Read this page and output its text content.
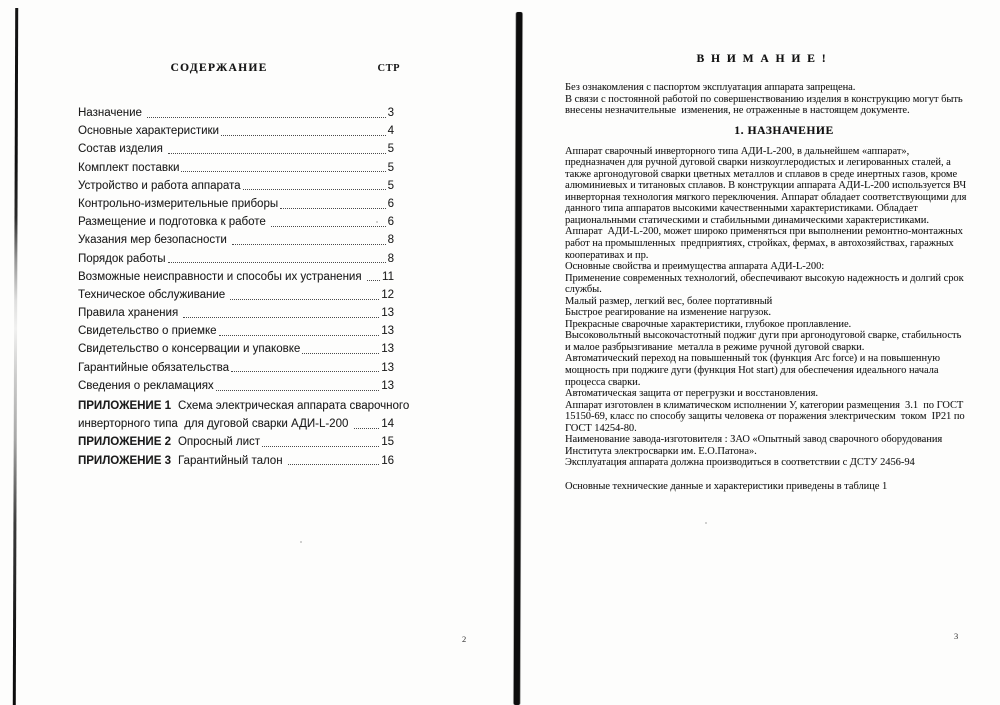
СОДЕРЖАНИЕ	СТР
Назначение	3
Основные характеристики	4
Состав изделия	5
Комплект поставки	5
Устройство и работа аппарата	5
Контрольно-измерительные приборы	6
Размещение и подготовка к работе	6
Указания мер безопасности	8
Порядок работы	8
Возможные неисправности и способы их устранения 11
Техническое обслуживание	12
Правила хранения	13
Свидетельство о приемке	13
Свидетельство о консервации и упаковке	13
Гарантийные обязательства	13
Сведения о рекламациях	13
ПРИЛОЖЕНИЕ 1 Схема электрическая аппарата сварочного
инверторного типа  для дуговой сварки АДИ-L-200	14
ПРИЛОЖЕНИЕ 2 Опросный лист	15
ПРИЛОЖЕНИЕ 3 Гарантийный талон	16
В Н И М А Н И Е !
Без ознакомления с паспортом эксплуатация аппарата запрещена.
В связи с постоянной работой по совершенствованию изделия в конструкцию могут быть
внесены незначительные  изменения, не отраженные в настоящем документе.
1. НАЗНАЧЕНИЕ
Аппарат сварочный инверторного типа АДИ-L-200, в дальнейшем «аппарат»,
предназначен для ручной дуговой сварки низкоуглеродистых и легированных сталей, а
также аргонодуговой сварки цветных металлов и сплавов в среде инертных газов, кроме
алюминиевых и титановых сплавов. В конструкции аппарата АДИ-L-200 используется ВЧ
инверторная технология мягкого переключения. Аппарат обладает соответствующими для
данного типа аппаратов высокими качественными характеристиками. Обладает
рациональными статическими и стабильными динамическими характеристиками.
Аппарат  АДИ-L-200, может широко применяться при выполнении ремонтно-монтажных
работ на промышленных  предприятиях, стройках, фермах, в автохозяйствах, гаражных
кооперативах и пр.
Основные свойства и преимущества аппарата АДИ-L-200:
Применение современных технологий, обеспечивают высокую надежность и долгий срок
службы.
Малый размер, легкий вес, более портативный
Быстрое реагирование на изменение нагрузок.
Прекрасные сварочные характеристики, глубокое проплавление.
Высоковольтный высокочастотный поджиг дуги при аргонодуговой сварке, стабильность
и малое разбрызгивание  металла в режиме ручной дуговой сварки.
Автоматический переход на повышенный ток (функция Arc force) и на повышенную
мощность при поджиге дуги (функция Hot start) для обеспечения идеального начала
процесса сварки.
Автоматическая защита от перегрузки и восстановления.
Аппарат изготовлен в климатическом исполнении У, категории размещения  3.1  по ГОСТ
15150-69, класс по способу защиты человека от поражения электрическим  током  IP21 по
ГОСТ 14254-80.
Наименование завода-изготовителя : ЗАО «Опытный завод сварочного оборудования
Института электросварки им. Е.О.Патона».
Эксплуатация аппарата должна производиться в соответствии с ДСТУ 2456-94
Основные технические данные и характеристики приведены в таблице 1
2	3
